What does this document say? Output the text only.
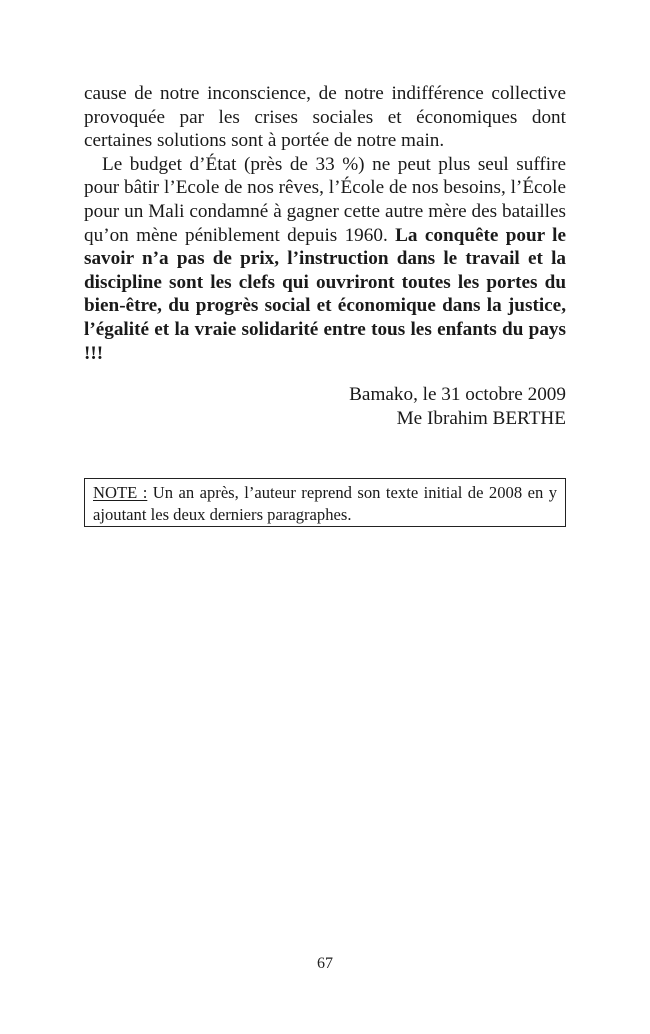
cause de notre inconscience, de notre indifférence collective provoquée par les crises sociales et économiques dont certaines solutions sont à portée de notre main.

Le budget d’État (près de 33 %) ne peut plus seul suffire pour bâtir l’Ecole de nos rêves, l’École de nos besoins, l’École pour un Mali condamné à gagner cette autre mère des batailles qu’on mène péniblement depuis 1960. La conquête pour le savoir n’a pas de prix, l’instruction dans le travail et la discipline sont les clefs qui ouvriront toutes les portes du bien-être, du progrès social et économique dans la justice, l’égalité et la vraie solidarité entre tous les enfants du pays !!!

Bamako, le 31 octobre 2009
Me Ibrahim BERTHE
NOTE : Un an après, l’auteur reprend son texte initial de 2008 en y ajoutant les deux derniers paragraphes.
67
